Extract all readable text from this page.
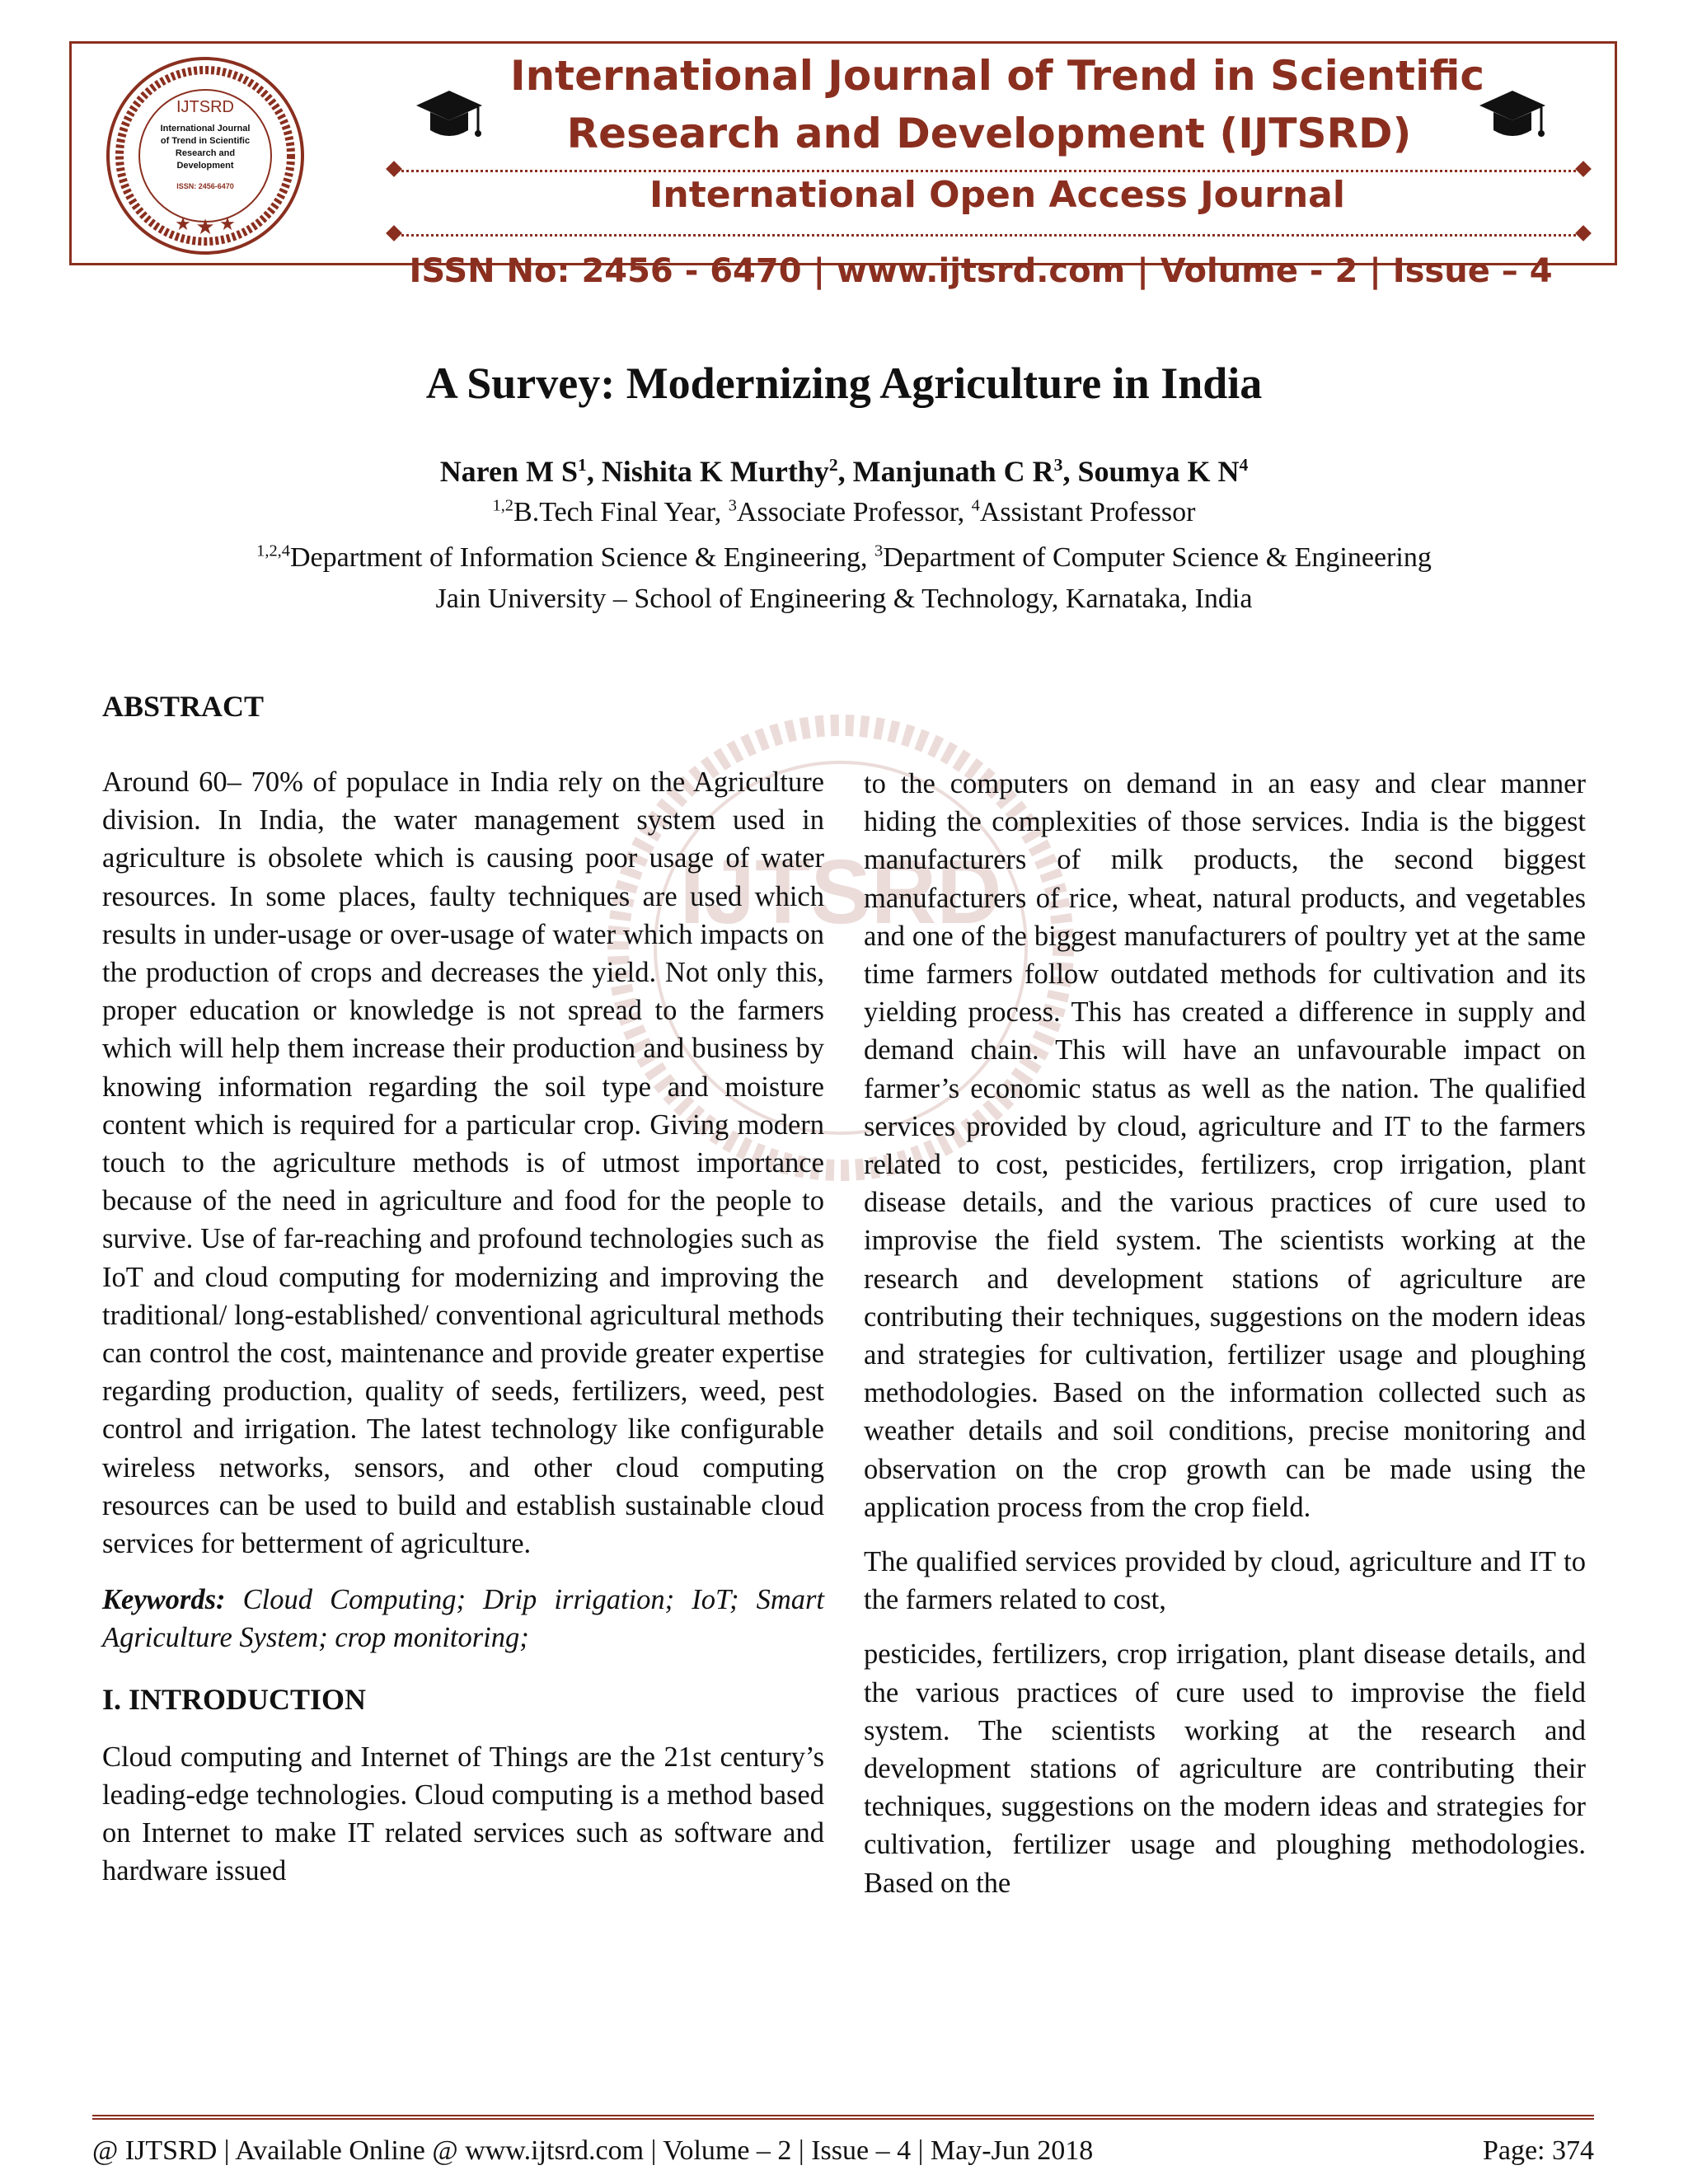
IJTSRD
IJTSRD
International Journal
of Trend in Scientific
Research and
Development
ISSN: 2456-6470
★ ★ ★
International Journal of Trend in Scientific
Research and Development (IJTSRD)
International Open Access Journal
ISSN No: 2456 - 6470 | www.ijtsrd.com | Volume - 2 | Issue – 4
A Survey: Modernizing Agriculture in India
Naren M $S^1$, Nishita K Murthy$^2$, Manjunath C $R^3$, Soumya K $N^4$
$^{1,2}$B.Tech Final Year, $^3$Associate Professor, $^4$Assistant Professor
$^{1,2,4}$Department of Information Science & Engineering, $^3$Department of Computer Science & Engineering
Jain University – School of Engineering & Technology, Karnataka, India
ABSTRACT
Around 60– 70% of populace in India rely on the Agriculture division. In India, the water management system used in agriculture is obsolete which is causing poor usage of water resources. In some places, faulty techniques are used which results in under-usage or over-usage of water which impacts on the production of crops and decreases the yield. Not only this, proper education or knowledge is not spread to the farmers which will help them increase their production and business by knowing information regarding the soil type and moisture content which is required for a particular crop. Giving modern touch to the agriculture methods is of utmost importance because of the need in agriculture and food for the people to survive. Use of far-reaching and profound technologies such as IoT and cloud computing for modernizing and improving the traditional/ long-established/ conventional agricultural methods can control the cost, maintenance and provide greater expertise regarding production, quality of seeds, fertilizers, weed, pest control and irrigation. The latest technology like configurable wireless networks, sensors, and other cloud computing resources can be used to build and establish sustainable cloud services for betterment of agriculture.
Keywords: Cloud Computing; Drip irrigation; IoT; Smart Agriculture System; crop monitoring;
I. INTRODUCTION
Cloud computing and Internet of Things are the 21st century’s leading-edge technologies. Cloud computing is a method based on Internet to make IT related services such as software and hardware issued
to the computers on demand in an easy and clear manner hiding the complexities of those services. India is the biggest manufacturers of milk products, the second biggest manufacturers of rice, wheat, natural products, and vegetables and one of the biggest manufacturers of poultry yet at the same time farmers follow outdated methods for cultivation and its yielding process. This has created a difference in supply and demand chain. This will have an unfavourable impact on farmer’s economic status as well as the nation. The qualified services provided by cloud, agriculture and IT to the farmers related to cost, pesticides, fertilizers, crop irrigation, plant disease details, and the various practices of cure used to improvise the field system. The scientists working at the research and development stations of agriculture are contributing their techniques, suggestions on the modern ideas and strategies for cultivation, fertilizer usage and ploughing methodologies. Based on the information collected such as weather details and soil conditions, precise monitoring and observation on the crop growth can be made using the application process from the crop field.
The qualified services provided by cloud, agriculture and IT to the farmers related to cost,
pesticides, fertilizers, crop irrigation, plant disease details, and the various practices of cure used to improvise the field system. The scientists working at the research and development stations of agriculture are contributing their techniques, suggestions on the modern ideas and strategies for cultivation, fertilizer usage and ploughing methodologies. Based on the
@ IJTSRD | Available Online @ www.ijtsrd.com | Volume – 2 | Issue – 4 | May-Jun 2018	Page: 374
